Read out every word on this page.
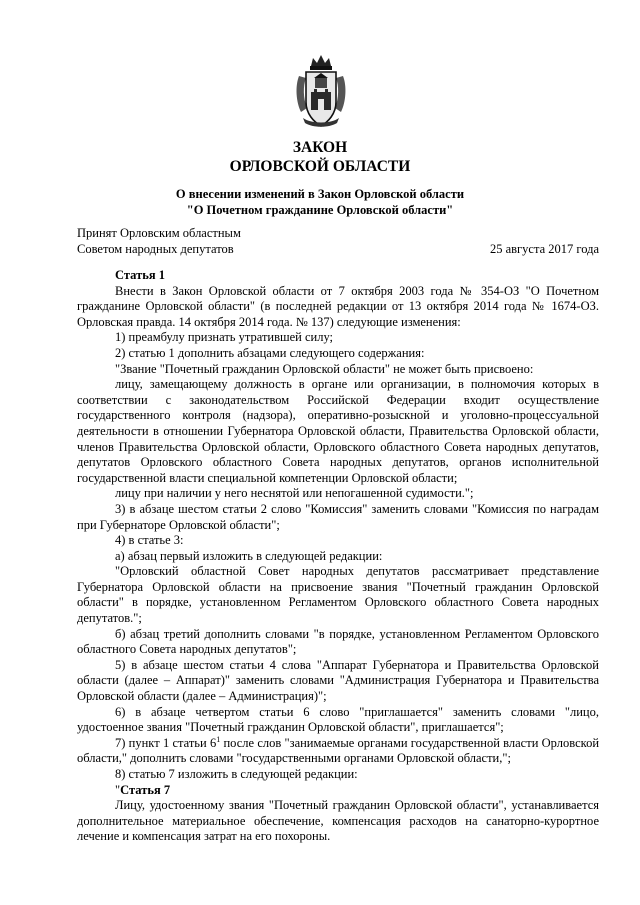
ЗАКОН
ОРЛОВСКОЙ ОБЛАСТИ
О внесении изменений в Закон Орловской области
"О Почетном гражданине Орловской области"
Принят Орловским областным
Советом народных депутатов	25 августа 2017 года

Статья 1

Внести в Закон Орловской области от 7 октября 2003 года № 354-ОЗ "О Почетном гражданине Орловской области" (в последней редакции от 13 октября 2014 года № 1674-ОЗ. Орловская правда. 14 октября 2014 года. № 137) следующие изменения:

1) преамбулу признать утратившей силу;

2) статью 1 дополнить абзацами следующего содержания:

"Звание "Почетный гражданин Орловской области" не может быть присвоено:

лицу, замещающему должность в органе или организации, в полномочия которых в соответствии с законодательством Российской Федерации входит осуществление государственного контроля (надзора), оперативно-розыскной и уголовно-процессуальной деятельности в отношении Губернатора Орловской области, Правительства Орловской области, членов Правительства Орловской области, Орловского областного Совета народных депутатов, депутатов Орловского областного Совета народных депутатов, органов исполнительной государственной власти специальной компетенции Орловской области;

лицу при наличии у него неснятой или непогашенной судимости.";

3) в абзаце шестом статьи 2 слово "Комиссия" заменить словами "Комиссия по наградам при Губернаторе Орловской области";

4) в статье 3:

а) абзац первый изложить в следующей редакции:

"Орловский областной Совет народных депутатов рассматривает представление Губернатора Орловской области на присвоение звания "Почетный гражданин Орловской области" в порядке, установленном Регламентом Орловского областного Совета народных депутатов.";

б) абзац третий дополнить словами "в порядке, установленном Регламентом Орловского областного Совета народных депутатов";

5) в абзаце шестом статьи 4 слова "Аппарат Губернатора и Правительства Орловской области (далее – Аппарат)" заменить словами "Администрация Губернатора и Правительства Орловской области (далее – Администрация)";

6) в абзаце четвертом статьи 6 слово "приглашается" заменить словами "лицо, удостоенное звания "Почетный гражданин Орловской области", приглашается";

7) пункт 1 статьи $6^1$ после слов "занимаемые органами государственной власти Орловской области," дополнить словами "государственными органами Орловской области,";

8) статью 7 изложить в следующей редакции:

"Статья 7

Лицу, удостоенному звания "Почетный гражданин Орловской области", устанавливается дополнительное материальное обеспечение, компенсация расходов на санаторно-курортное лечение и компенсация затрат на его похороны.
